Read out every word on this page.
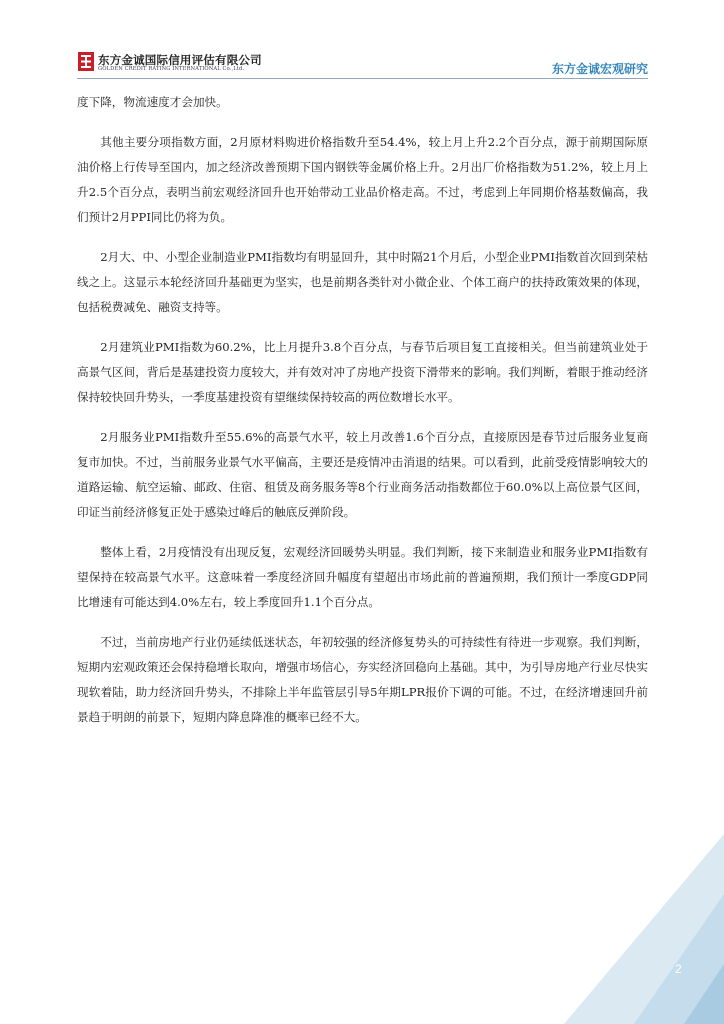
东方金诚国际信用评估有限公司
GOLDEN CREDIT RATING INTERNATIONAL Co.,Ltd.	东方金诚宏观研究

度下降，物流速度才会加快。

其他主要分项指数方面，2月原材料购进价格指数升至54.4%，较上月上升2.2个百分点，源于前期国际原油价格上行传导至国内，加之经济改善预期下国内钢铁等金属价格上升。2月出厂价格指数为51.2%，较上月上升2.5个百分点，表明当前宏观经济回升也开始带动工业品价格走高。不过，考虑到上年同期价格基数偏高，我们预计2月PPI同比仍将为负。

2月大、中、小型企业制造业PMI指数均有明显回升，其中时隔21个月后，小型企业PMI指数首次回到荣枯线之上。这显示本轮经济回升基础更为坚实，也是前期各类针对小微企业、个体工商户的扶持政策效果的体现，包括税费减免、融资支持等。

2月建筑业PMI指数为60.2%，比上月提升3.8个百分点，与春节后项目复工直接相关。但当前建筑业处于高景气区间，背后是基建投资力度较大，并有效对冲了房地产投资下滑带来的影响。我们判断，着眼于推动经济保持较快回升势头，一季度基建投资有望继续保持较高的两位数增长水平。

2月服务业PMI指数升至55.6%的高景气水平，较上月改善1.6个百分点，直接原因是春节过后服务业复商复市加快。不过，当前服务业景气水平偏高，主要还是疫情冲击消退的结果。可以看到，此前受疫情影响较大的道路运输、航空运输、邮政、住宿、租赁及商务服务等8个行业商务活动指数都位于60.0%以上高位景气区间，印证当前经济修复正处于感染过峰后的触底反弹阶段。

整体上看，2月疫情没有出现反复，宏观经济回暖势头明显。我们判断，接下来制造业和服务业PMI指数有望保持在较高景气水平。这意味着一季度经济回升幅度有望超出市场此前的普遍预期，我们预计一季度GDP同比增速有可能达到4.0%左右，较上季度回升1.1个百分点。

不过，当前房地产行业仍延续低迷状态，年初较强的经济修复势头的可持续性有待进一步观察。我们判断，短期内宏观政策还会保持稳增长取向，增强市场信心，夯实经济回稳向上基础。其中，为引导房地产行业尽快实现软着陆，助力经济回升势头，不排除上半年监管层引导5年期LPR报价下调的可能。不过，在经济增速回升前景趋于明朗的前景下，短期内降息降准的概率已经不大。

2
